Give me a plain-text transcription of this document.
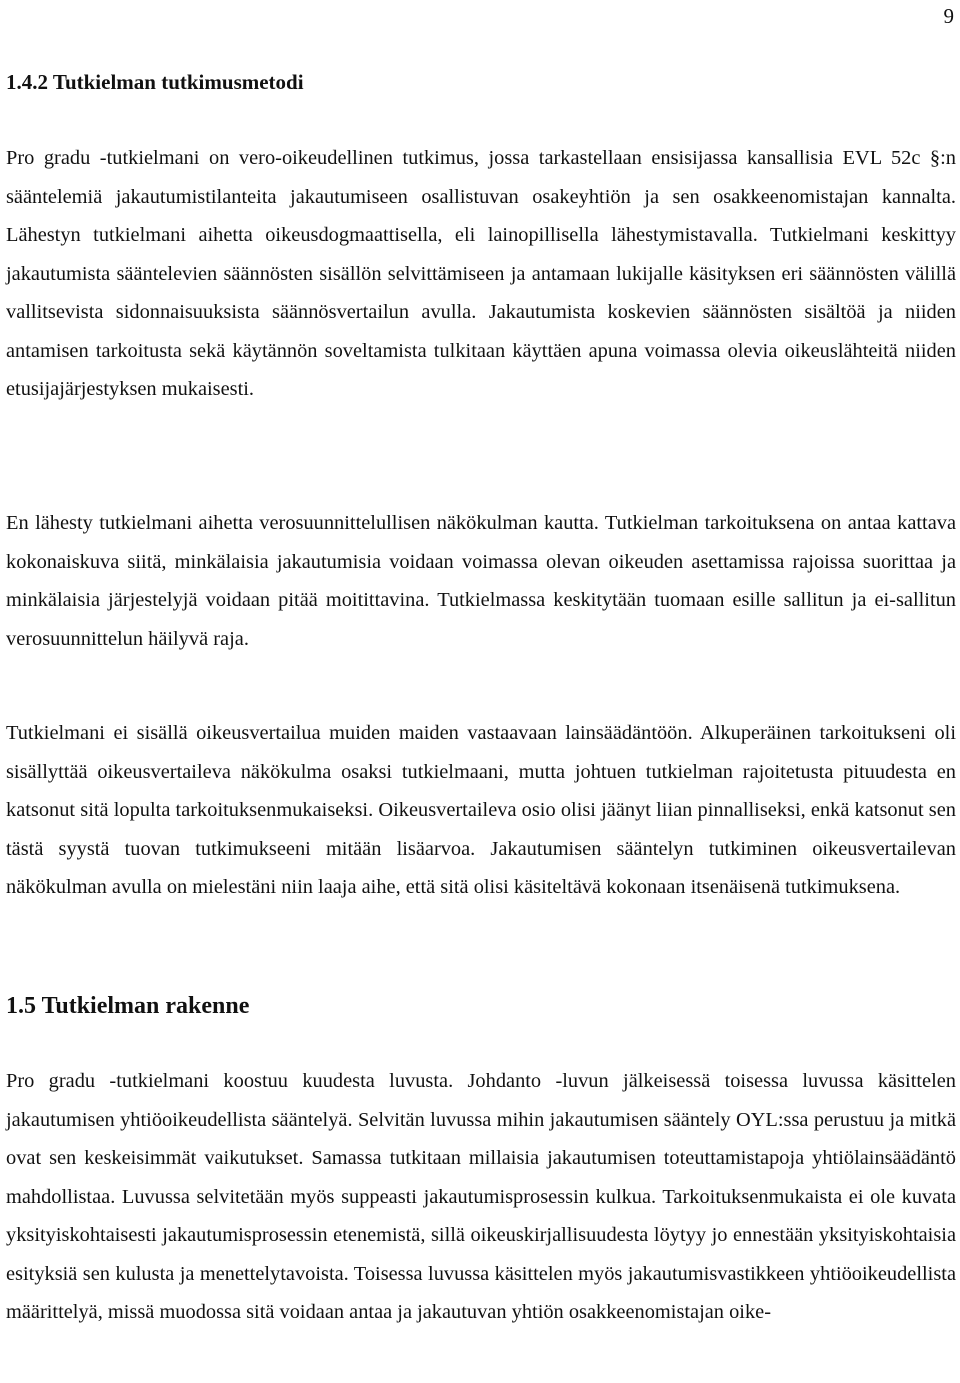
9
1.4.2 Tutkielman tutkimusmetodi

Pro gradu -tutkielmani on vero-oikeudellinen tutkimus, jossa tarkastellaan ensisijassa kansallisia EVL 52c §:n sääntelemiä jakautumistilanteita jakautumiseen osallistuvan osakeyhtiön ja sen osakkeenomistajan kannalta. Lähestyn tutkielmani aihetta oikeusdogmaattisella, eli lainopillisella lähestymistavalla. Tutkielmani keskittyy jakautumista sääntelevien säännösten sisällön selvittämiseen ja antamaan lukijalle käsityksen eri säännösten välillä vallitsevista sidonnaisuuksista säännösvertailun avulla. Jakautumista koskevien säännösten sisältöä ja niiden antamisen tarkoitusta sekä käytännön soveltamista tulkitaan käyttäen apuna voimassa olevia oikeuslähteitä niiden etusijajärjestyksen mukaisesti.

En lähesty tutkielmani aihetta verosuunnittelullisen näkökulman kautta. Tutkielman tarkoituksena on antaa kattava kokonaiskuva siitä, minkälaisia jakautumisia voidaan voimassa olevan oikeuden asettamissa rajoissa suorittaa ja minkälaisia järjestelyjä voidaan pitää moitittavina. Tutkielmassa keskitytään tuomaan esille sallitun ja ei-sallitun verosuunnittelun häilyvä raja.

Tutkielmani ei sisällä oikeusvertailua muiden maiden vastaavaan lainsäädäntöön. Alkuperäinen tarkoitukseni oli sisällyttää oikeusvertaileva näkökulma osaksi tutkielmaani, mutta johtuen tutkielman rajoitetusta pituudesta en katsonut sitä lopulta tarkoituksenmukaiseksi. Oikeusvertaileva osio olisi jäänyt liian pinnalliseksi, enkä katsonut sen tästä syystä tuovan tutkimukseeni mitään lisäarvoa. Jakautumisen sääntelyn tutkiminen oikeusvertailevan näkökulman avulla on mielestäni niin laaja aihe, että sitä olisi käsiteltävä kokonaan itsenäisenä tutkimuksena.

1.5 Tutkielman rakenne

Pro gradu -tutkielmani koostuu kuudesta luvusta. Johdanto -luvun jälkeisessä toisessa luvussa käsittelen jakautumisen yhtiöoikeudellista sääntelyä. Selvitän luvussa mihin jakautumisen sääntely OYL:ssa perustuu ja mitkä ovat sen keskeisimmät vaikutukset. Samassa tutkitaan millaisia jakautumisen toteuttamistapoja yhtiölainsäädäntö mahdollistaa. Luvussa selvitetään myös suppeasti jakautumisprosessin kulkua. Tarkoituksenmukaista ei ole kuvata yksityiskohtaisesti jakautumisprosessin etenemistä, sillä oikeuskirjallisuudesta löytyy jo ennestään yksityiskohtaisia esityksiä sen kulusta ja menettelytavoista. Toisessa luvussa käsittelen myös jakautumisvastikkeen yhtiöoikeudellista määrittelyä, missä muodossa sitä voidaan antaa ja jakautuvan yhtiön osakkeenomistajan oike-
